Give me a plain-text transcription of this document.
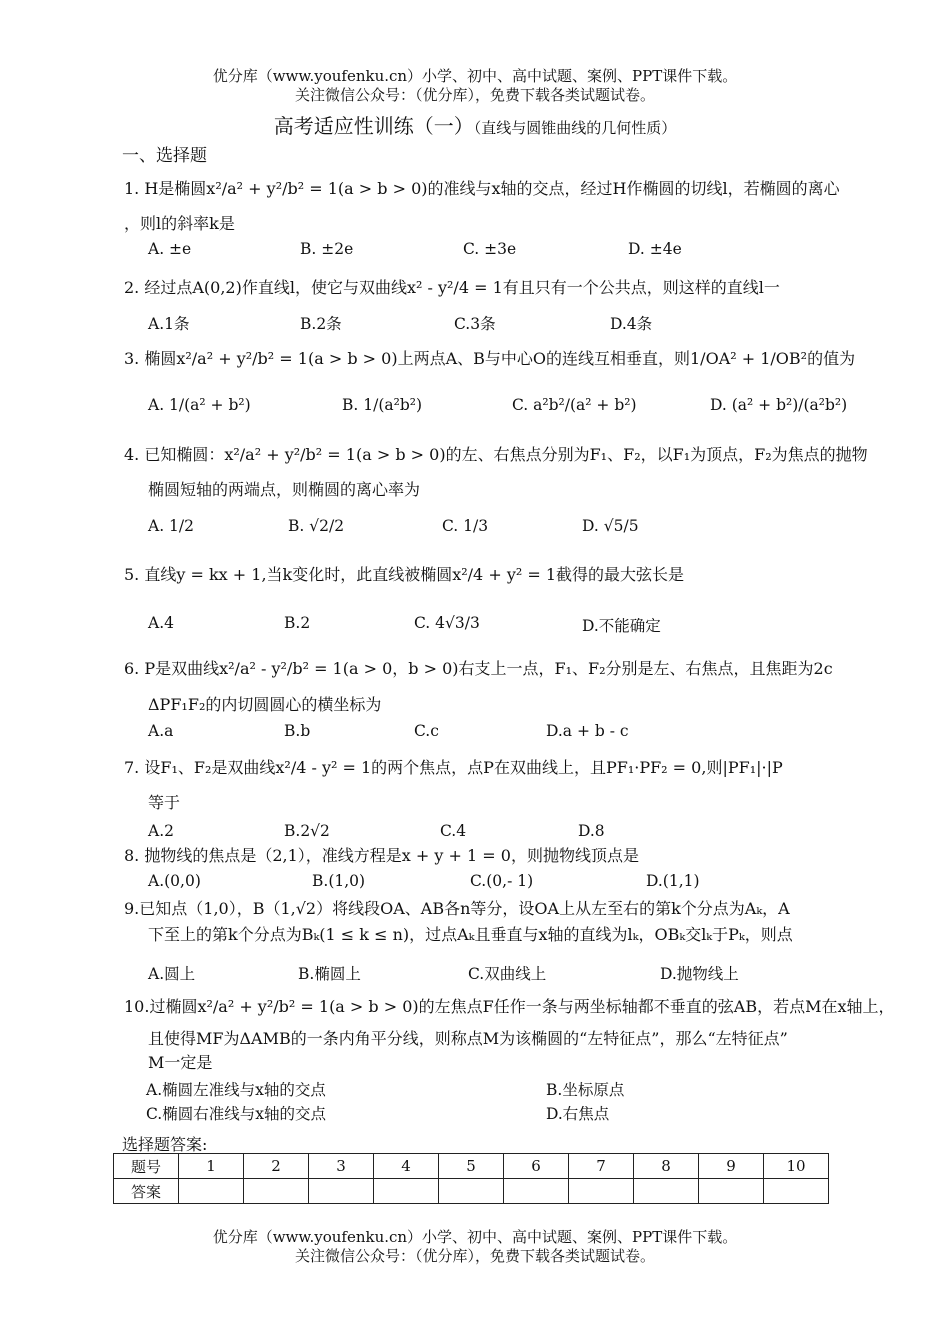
优分库（www.youfenku.cn）小学、初中、高中试题、案例、PPT课件下载。
关注微信公众号：（优分库），免费下载各类试题试卷。
高考适应性训练（一）（直线与圆锥曲线的几何性质）
一、选择题
1. H是椭圆x²/a² + y²/b² = 1(a > b > 0)的准线与x轴的交点，经过H作椭圆的切线l，若椭圆的离心
，则l的斜率k是
A. ±e	B. ±2e	C. ±3e	D. ±4e
2. 经过点A(0,2)作直线l，使它与双曲线x² - y²/4 = 1有且只有一个公共点，则这样的直线l一
A.1条	B.2条	C.3条	D.4条
3. 椭圆x²/a² + y²/b² = 1(a > b > 0)上两点A、B与中心O的连线互相垂直，则1/OA² + 1/OB²的值为
A. 1/(a² + b²)	B. 1/(a²b²)	C. a²b²/(a² + b²)	D. (a² + b²)/(a²b²)
4. 已知椭圆：x²/a² + y²/b² = 1(a > b > 0)的左、右焦点分别为F₁、F₂，以F₁为顶点，F₂为焦点的抛物
椭圆短轴的两端点，则椭圆的离心率为
A. 1/2	B. √2/2	C. 1/3	D. √5/5
5. 直线y = kx + 1,当k变化时，此直线被椭圆x²/4 + y² = 1截得的最大弦长是
A.4	B.2	C. 4√3/3	D.不能确定
6. P是双曲线x²/a² - y²/b² = 1(a > 0，b > 0)右支上一点，F₁、F₂分别是左、右焦点，且焦距为2c
ΔPF₁F₂的内切圆圆心的横坐标为
A.a	B.b	C.c	D.a + b - c
7. 设F₁、F₂是双曲线x²/4 - y² = 1的两个焦点，点P在双曲线上，且PF₁·PF₂ = 0,则|PF₁|·|P
等于
A.2	B.2√2	C.4	D.8
8. 抛物线的焦点是（2,1），准线方程是x + y + 1 = 0，则抛物线顶点是
A.(0,0)	B.(1,0)	C.(0,- 1)	D.(1,1)
9.已知点（1,0），B（1,√2）将线段OA、AB各n等分，设OA上从左至右的第k个分点为Aₖ，A
下至上的第k个分点为Bₖ(1 ≤ k ≤ n)，过点Aₖ且垂直与x轴的直线为lₖ，OBₖ交lₖ于Pₖ，则点
A.圆上	B.椭圆上	C.双曲线上	D.抛物线上
10.过椭圆x²/a² + y²/b² = 1(a > b > 0)的左焦点F任作一条与两坐标轴都不垂直的弦AB，若点M在x轴上，
且使得MF为ΔAMB的一条内角平分线，则称点M为该椭圆的“左特征点”，那么“左特征点”
M一定是
A.椭圆左准线与x轴的交点	B.坐标原点
C.椭圆右准线与x轴的交点	D.右焦点
选择题答案:
题号	1	2	3	4	5	6	7	8	9	10
答案										
优分库（www.youfenku.cn）小学、初中、高中试题、案例、PPT课件下载。
关注微信公众号：（优分库），免费下载各类试题试卷。
